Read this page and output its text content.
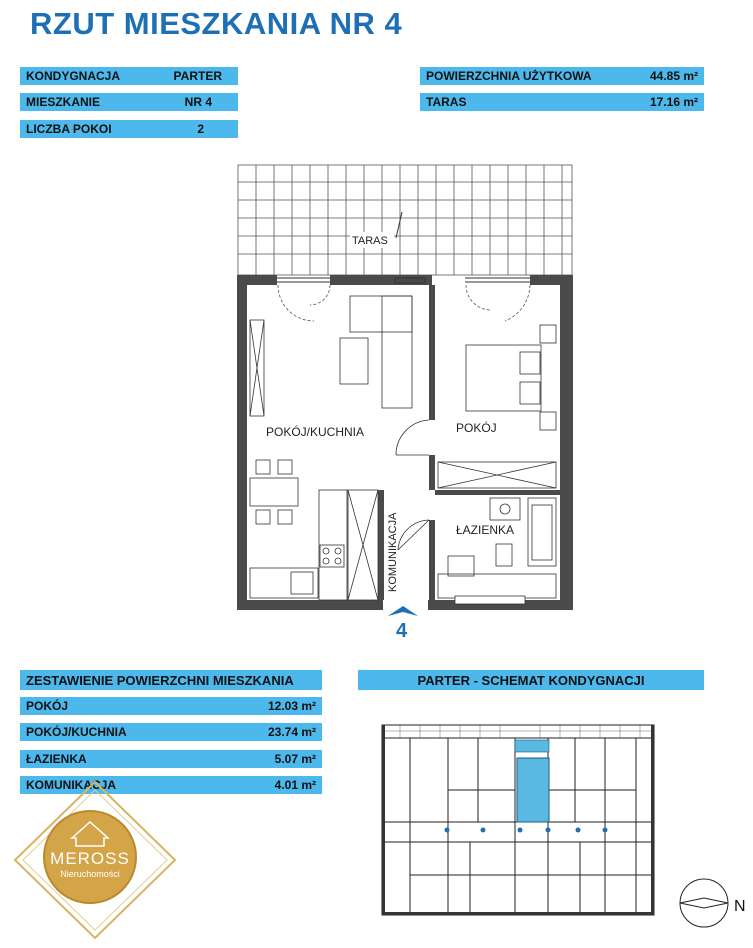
RZUT MIESZKANIA NR 4
KONDYGNACJA	PARTER
MIESZKANIE	NR 4
LICZBA POKOI	2
POWIERZCHNIA UŻYTKOWA	44.85 m²
TARAS	17.16 m²
TARAS
POKÓJ/KUCHNIA	POKÓJ
ŁAZIENKA
KOMUNIKACJA
4
ZESTAWIENIE POWIERZCHNI MIESZKANIA
POKÓJ	12.03 m²
POKÓJ/KUCHNIA	23.74 m²
ŁAZIENKA	5.07 m²
KOMUNIKACJA	4.01 m²
PARTER - SCHEMAT KONDYGNACJI
MEROSS
Nieruchomości
N
